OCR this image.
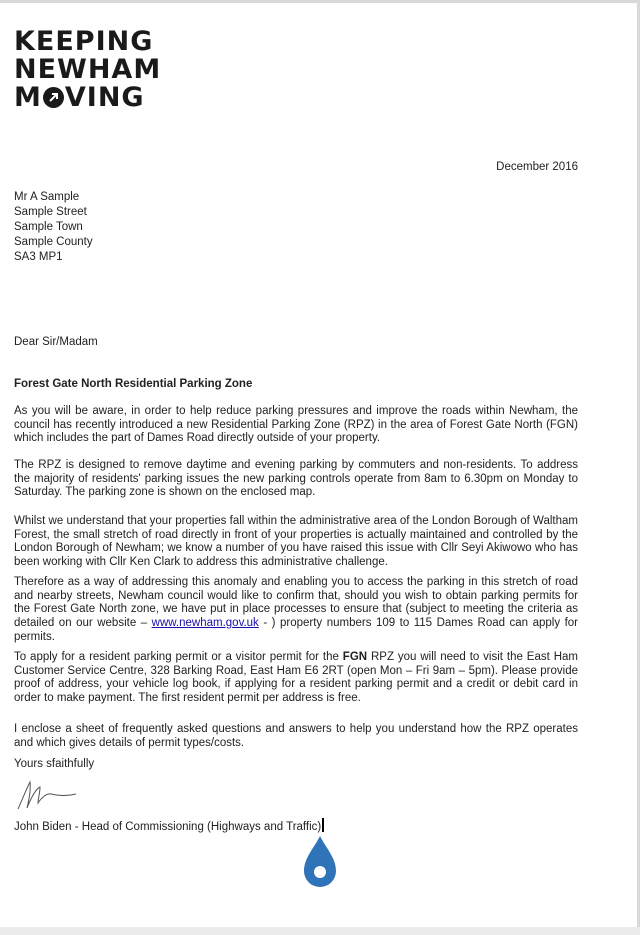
KEEPING
NEWHAM
M VING
December 2016
Mr A Sample
Sample Street
Sample Town
Sample County
SA3 MP1
Dear Sir/Madam
Forest Gate North Residential Parking Zone
As you will be aware, in order to help reduce parking pressures and improve the roads within Newham, the council has recently introduced a new Residential Parking Zone (RPZ) in the area of Forest Gate North (FGN) which includes the part of Dames Road directly outside of your property.
The RPZ is designed to remove daytime and evening parking by commuters and non-residents. To address the majority of residents' parking issues the new parking controls operate from 8am to 6.30pm on Monday to Saturday. The parking zone is shown on the enclosed map.
Whilst we understand that your properties fall within the administrative area of the London Borough of Waltham Forest, the small stretch of road directly in front of your properties is actually maintained and controlled by the London Borough of Newham; we know a number of you have raised this issue with Cllr Seyi Akiwowo who has been working with Cllr Ken Clark to address this administrative challenge.
Therefore as a way of addressing this anomaly and enabling you to access the parking in this stretch of road and nearby streets, Newham council would like to confirm that, should you wish to obtain parking permits for the Forest Gate North zone, we have put in place processes to ensure that (subject to meeting the criteria as detailed on our website – www.newham.gov.uk - ) property numbers 109 to 115 Dames Road can apply for permits.
To apply for a resident parking permit or a visitor permit for the FGN RPZ you will need to visit the East Ham Customer Service Centre, 328 Barking Road, East Ham E6 2RT (open Mon – Fri 9am – 5pm). Please provide proof of address, your vehicle log book, if applying for a resident parking permit and a credit or debit card in order to make payment. The first resident permit per address is free.
I enclose a sheet of frequently asked questions and answers to help you understand how the RPZ operates and which gives details of permit types/costs.
Yours sfaithfully
John Biden - Head of Commissioning (Highways and Traffic)
